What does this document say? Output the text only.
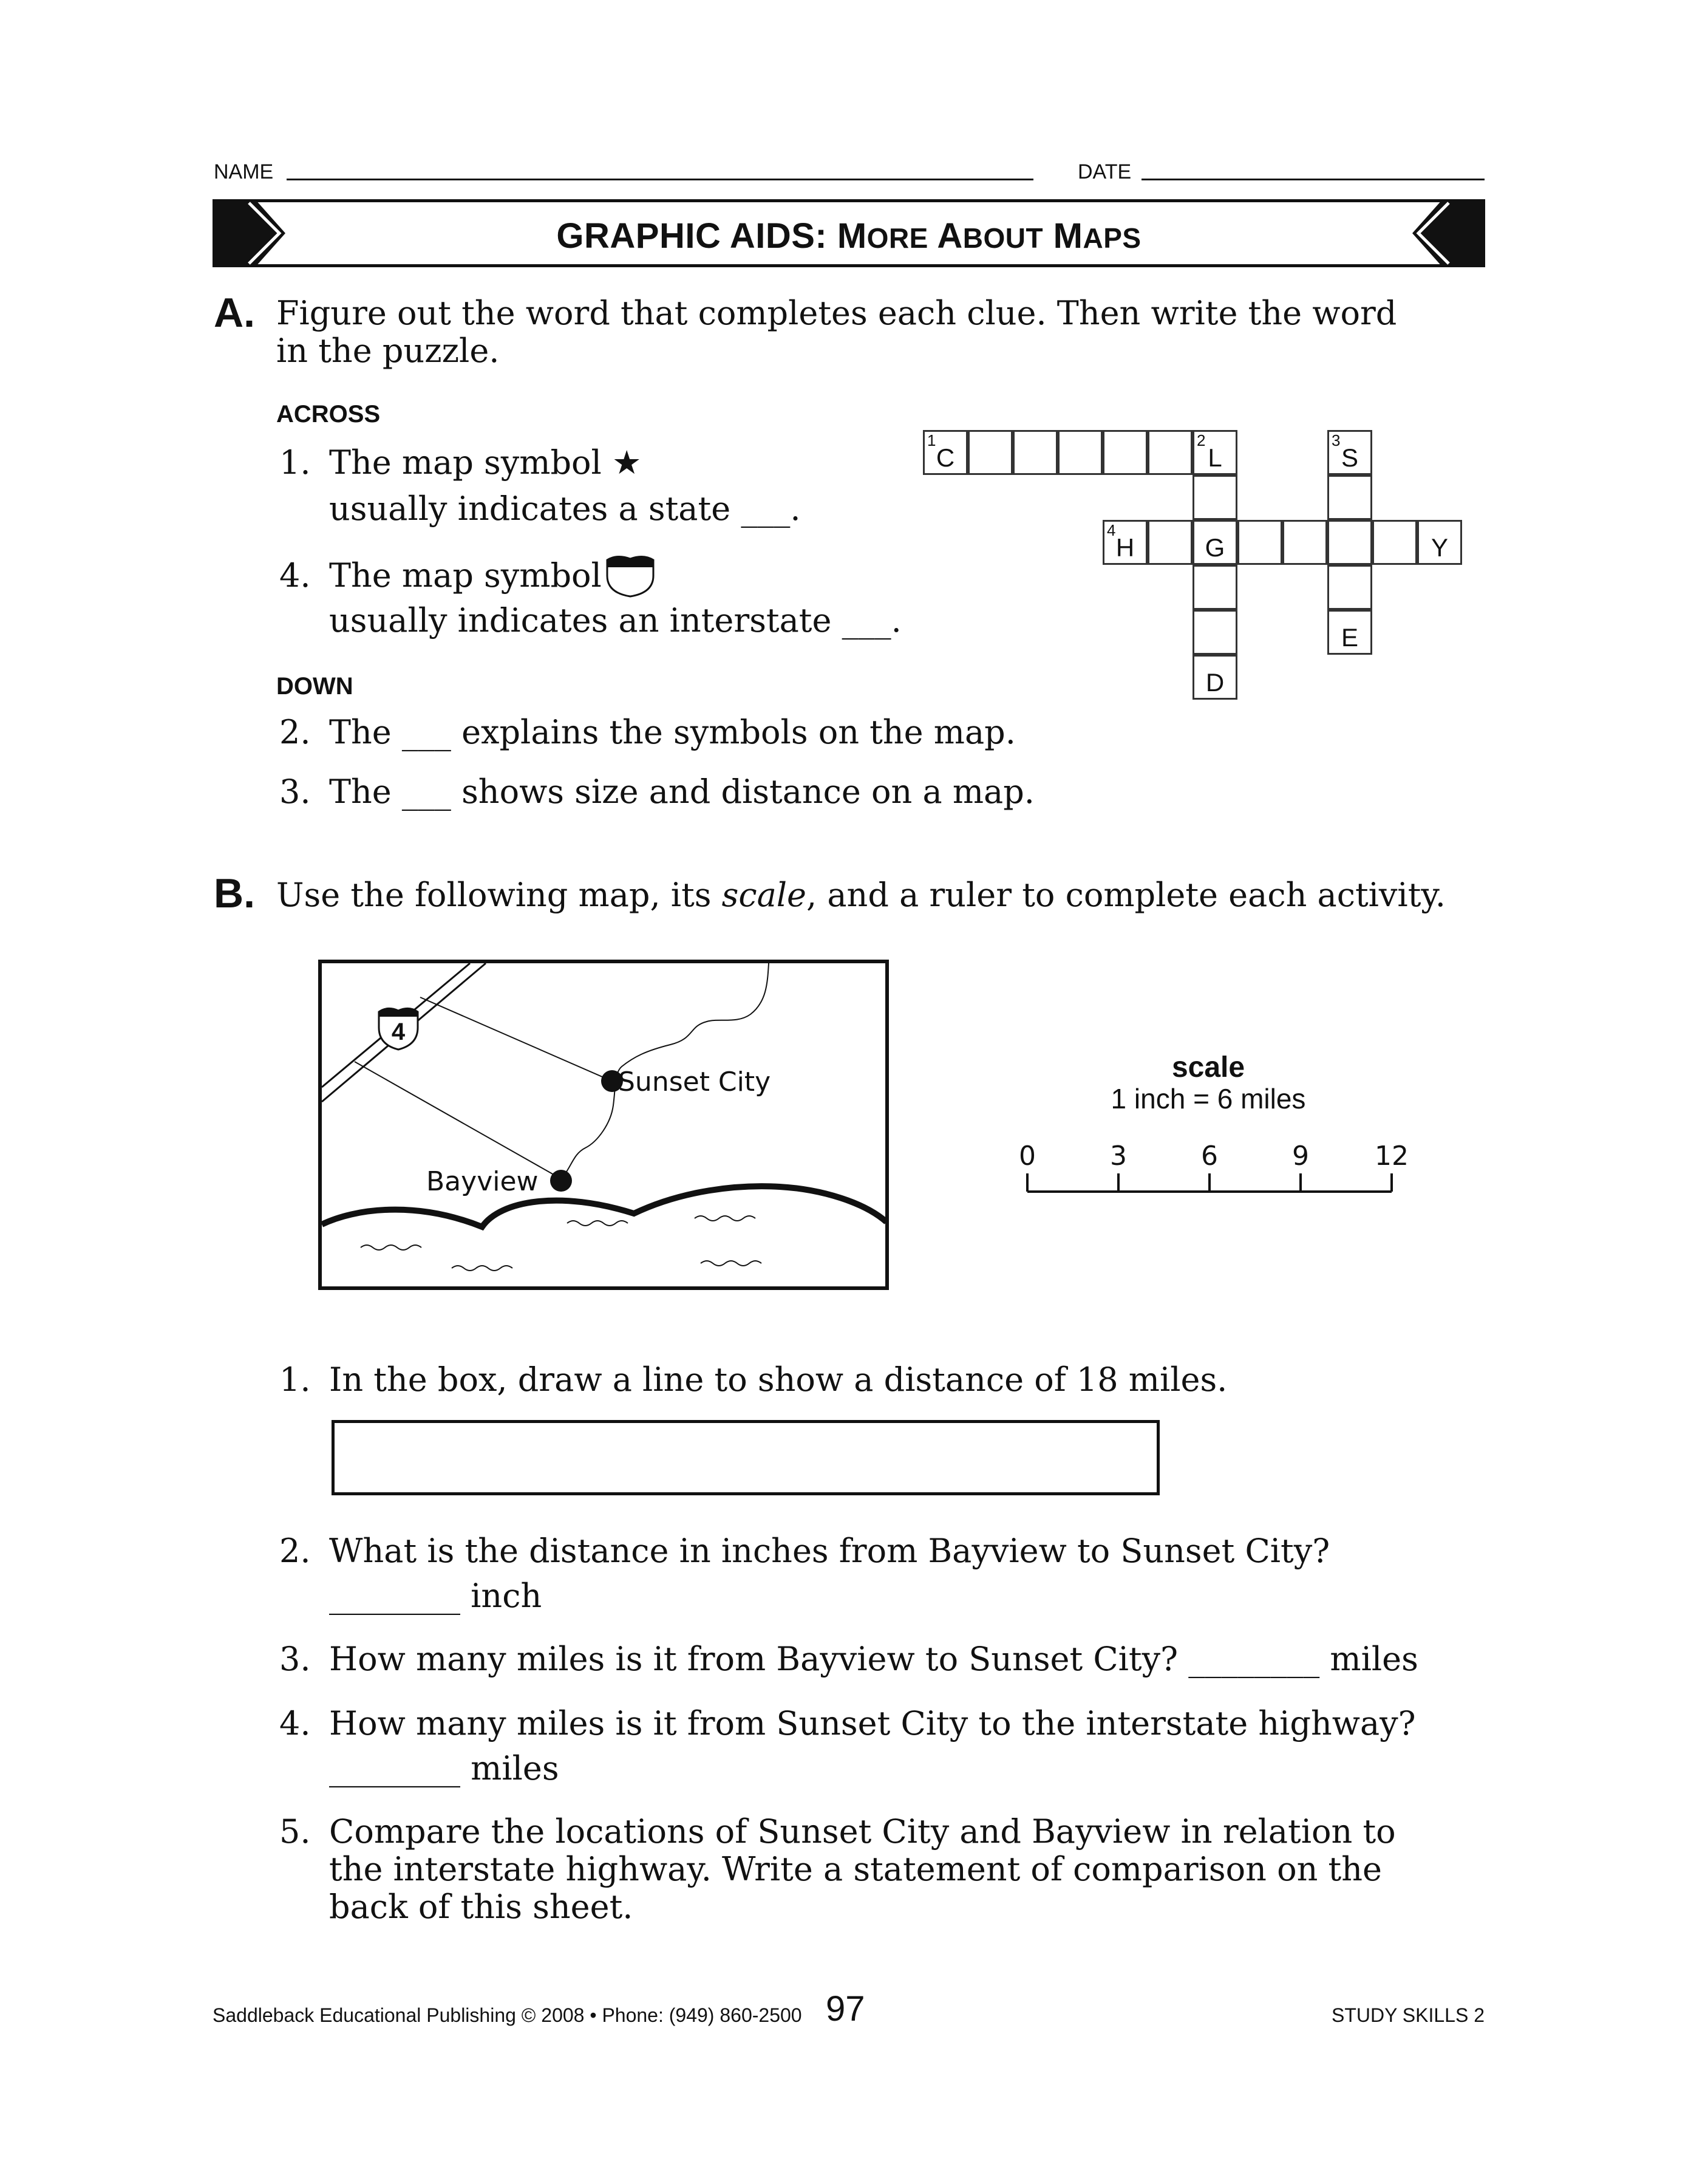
NAME	DATE
GRAPHIC AIDS: MORE ABOUT MAPS
A. Figure out the word that completes each clue. Then write the word
in the puzzle.
ACROSS
1. The map symbol ★
usually indicates a state ___.
4. The map symbol
usually indicates an interstate ___.
DOWN
2. The ___ explains the symbols on the map.
3. The ___ shows size and distance on a map.
1
C
2
L
3
S
4
H	G	Y
E
D
B. Use the following map, its scale, and a ruler to complete each activity.
4
Sunset City
Bayview
scale
1 inch = 6 miles
0	3	6	9 12
1. In the box, draw a line to show a distance of 18 miles.
2. What is the distance in inches from Bayview to Sunset City?
________ inch
3. How many miles is it from Bayview to Sunset City? ________ miles
4. How many miles is it from Sunset City to the interstate highway?
________ miles
5. Compare the locations of Sunset City and Bayview in relation to
the interstate highway. Write a statement of comparison on the
back of this sheet.
Saddleback Educational Publishing © 2008 • Phone: (949) 860-2500 97	STUDY SKILLS 2
